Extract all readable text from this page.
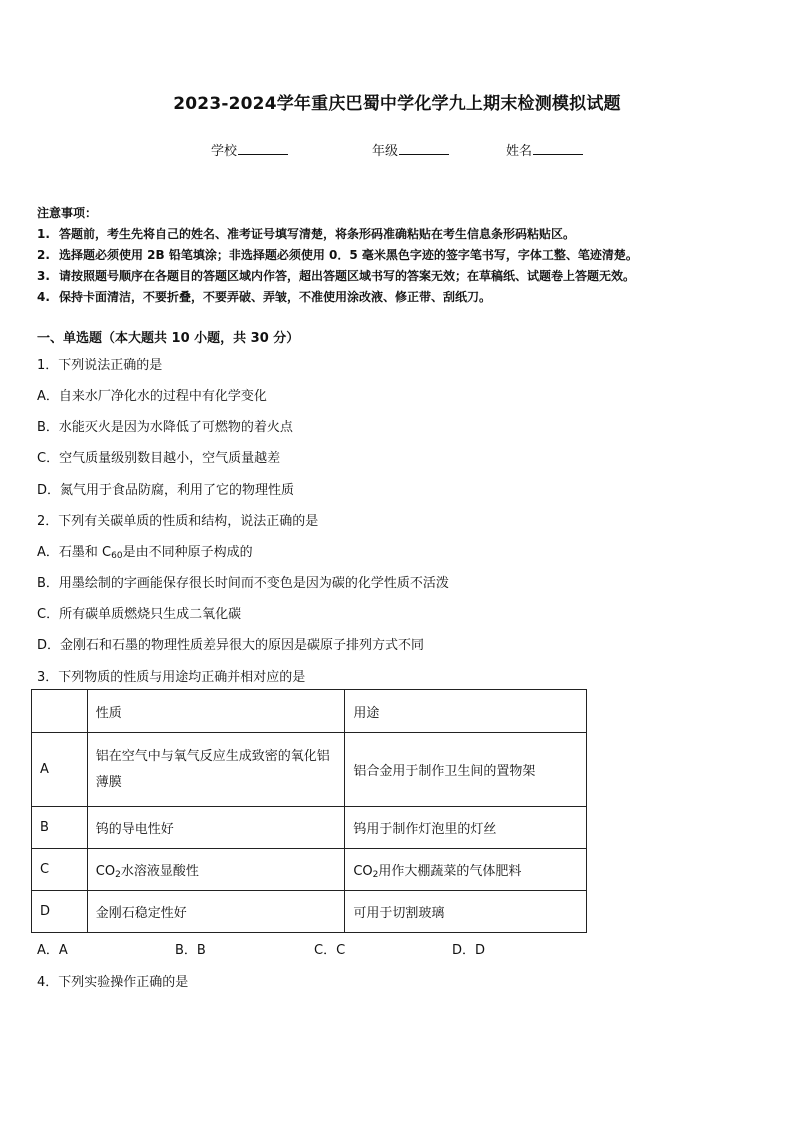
2023-2024学年重庆巴蜀中学化学九上期末检测模拟试题
学校	年级	姓名
注意事项：
1. 答题前，考生先将自己的姓名、准考证号填写清楚，将条形码准确粘贴在考生信息条形码粘贴区。
2. 选择题必须使用 2B 铅笔填涂；非选择题必须使用 0．5 毫米黑色字迹的签字笔书写，字体工整、笔迹清楚。
3. 请按照题号顺序在各题目的答题区域内作答，超出答题区域书写的答案无效；在草稿纸、试题卷上答题无效。
4. 保持卡面清洁，不要折叠，不要弄破、弄皱，不准使用涂改液、修正带、刮纸刀。
一、单选题（本大题共 10 小题，共 30 分）
1．下列说法正确的是
A．自来水厂净化水的过程中有化学变化
B．水能灭火是因为水降低了可燃物的着火点
C．空气质量级别数目越小，空气质量越差
D．氮气用于食品防腐，利用了它的物理性质
2．下列有关碳单质的性质和结构，说法正确的是
A．石墨和 $C_{60}$是由不同种原子构成的
B．用墨绘制的字画能保存很长时间而不变色是因为碳的化学性质不活泼
C．所有碳单质燃烧只生成二氧化碳
D．金刚石和石墨的物理性质差异很大的原因是碳原子排列方式不同
3．下列物质的性质与用途均正确并相对应的是
	性质	用途
A	铝在空气中与氧气反应生成致密的氧化铝薄膜	铝合金用于制作卫生间的置物架
B	钨的导电性好	钨用于制作灯泡里的灯丝
C	$CO_2$水溶液显酸性	$CO_2$用作大棚蔬菜的气体肥料
D	金刚石稳定性好	可用于切割玻璃
A．A	B．B	C．C	D．D
4．下列实验操作正确的是
